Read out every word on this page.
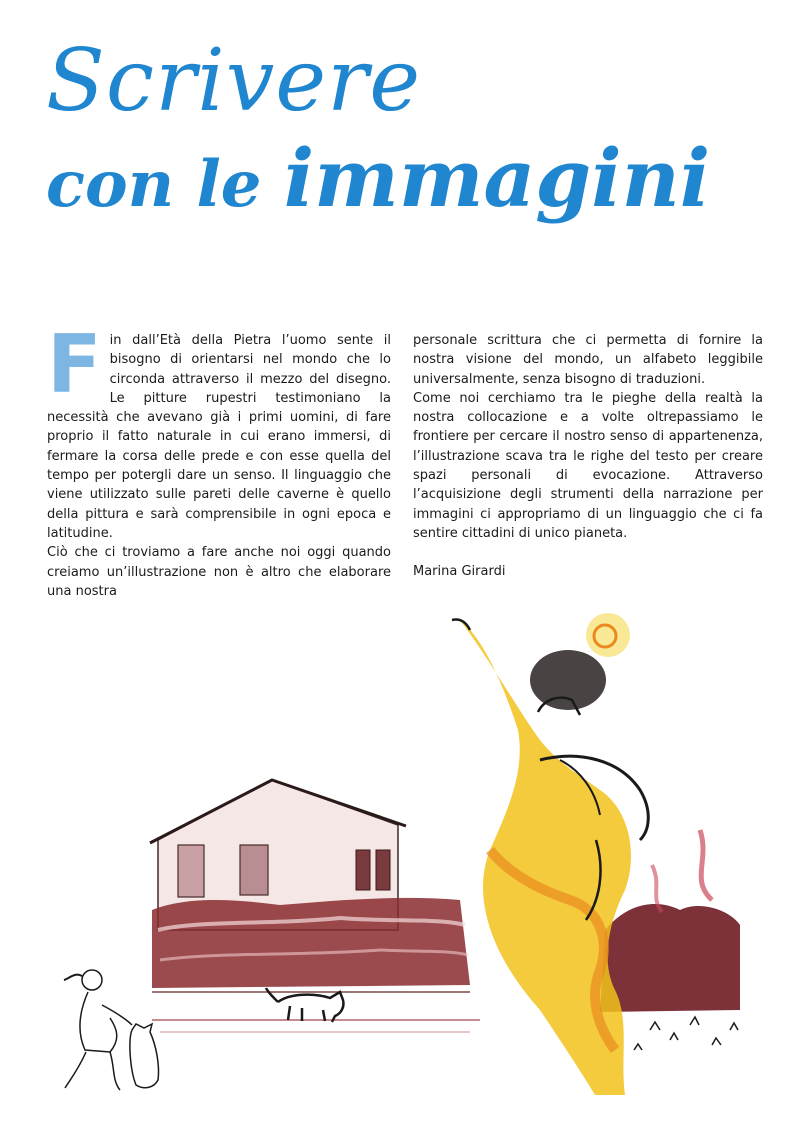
Scrivere
con le immagini

Fin dall’Età della Pietra l’uomo sente il bisogno di orientarsi nel mondo che lo circonda attraverso il mezzo del disegno. Le pitture rupestri testimoniano la necessità che avevano già i primi uomini, di fare proprio il fatto naturale in cui erano immersi, di fermare la corsa delle prede e con esse quella del tempo per potergli dare un senso. Il linguaggio che viene utilizzato sulle pareti delle caverne è quello della pittura e sarà comprensibile in ogni epoca e latitudine.

Ciò che ci troviamo a fare anche noi oggi quando creiamo un’illustrazione non è altro che elaborare una nostra

personale scrittura che ci permetta di fornire la nostra visione del mondo, un alfabeto leggibile universalmente, senza bisogno di traduzioni.

Come noi cerchiamo tra le pieghe della realtà la nostra collocazione e a volte oltrepassiamo le frontiere per cercare il nostro senso di appartenenza, l’illustrazione scava tra le righe del testo per creare spazi personali di evocazione. Attraverso l’acquisizione degli strumenti della narrazione per immagini ci appropriamo di un linguaggio che ci fa sentire cittadini di unico pianeta.

Marina Girardi
